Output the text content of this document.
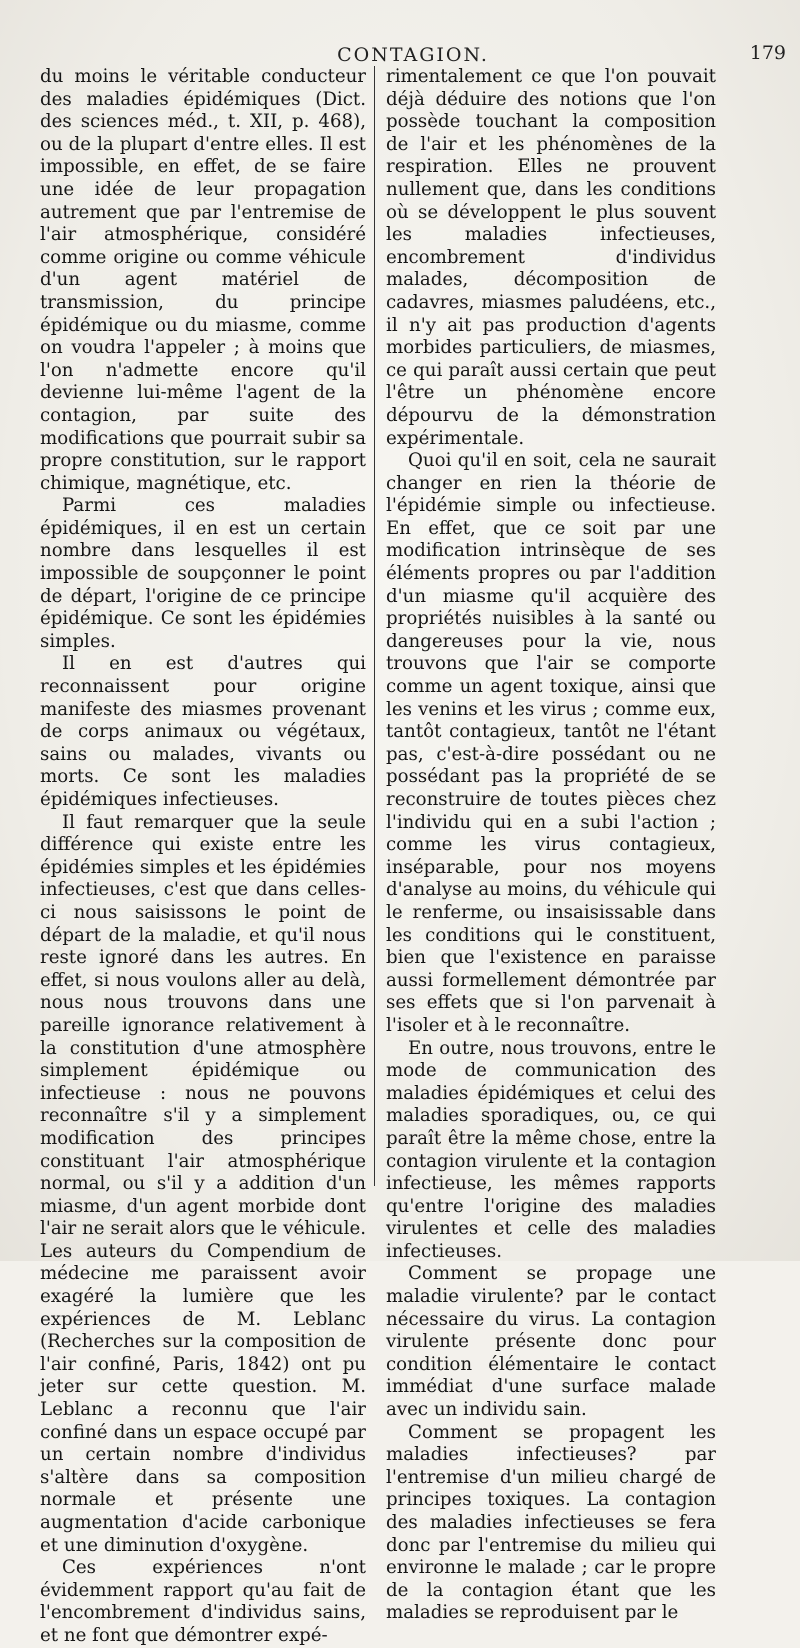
CONTAGION.	179

du moins le véritable conducteur des maladies épidémiques (Dict. des sciences méd., t. XII, p. 468), ou de la plupart d'entre elles. Il est impossible, en effet, de se faire une idée de leur propagation autrement que par l'entremise de l'air atmosphérique, considéré comme origine ou comme véhicule d'un agent matériel de transmission, du principe épidémique ou du miasme, comme on voudra l'appeler ; à moins que l'on n'admette encore qu'il devienne lui-même l'agent de la contagion, par suite des modifications que pourrait subir sa propre constitution, sur le rapport chimique, magnétique, etc.

Parmi ces maladies épidémiques, il en est un certain nombre dans lesquelles il est impossible de soupçonner le point de départ, l'origine de ce principe épidémique. Ce sont les épidémies simples.

Il en est d'autres qui reconnaissent pour origine manifeste des miasmes provenant de corps animaux ou végétaux, sains ou malades, vivants ou morts. Ce sont les maladies épidémiques infectieuses.

Il faut remarquer que la seule différence qui existe entre les épidémies simples et les épidémies infectieuses, c'est que dans celles-ci nous saisissons le point de départ de la maladie, et qu'il nous reste ignoré dans les autres. En effet, si nous voulons aller au delà, nous nous trouvons dans une pareille ignorance relativement à la constitution d'une atmosphère simplement épidémique ou infectieuse : nous ne pouvons reconnaître s'il y a simplement modification des principes constituant l'air atmosphérique normal, ou s'il y a addition d'un miasme, d'un agent morbide dont l'air ne serait alors que le véhicule. Les auteurs du Compendium de médecine me paraissent avoir exagéré la lumière que les expériences de M. Leblanc (Recherches sur la composition de l'air confiné, Paris, 1842) ont pu jeter sur cette question. M. Leblanc a reconnu que l'air confiné dans un espace occupé par un certain nombre d'individus s'altère dans sa composition normale et présente une augmentation d'acide carbonique et une diminution d'oxygène.

Ces expériences n'ont évidemment rapport qu'au fait de l'encombrement d'individus sains, et ne font que démontrer expé-

rimentalement ce que l'on pouvait déjà déduire des notions que l'on possède touchant la composition de l'air et les phénomènes de la respiration. Elles ne prouvent nullement que, dans les conditions où se développent le plus souvent les maladies infectieuses, encombrement d'individus malades, décomposition de cadavres, miasmes paludéens, etc., il n'y ait pas production d'agents morbides particuliers, de miasmes, ce qui paraît aussi certain que peut l'être un phénomène encore dépourvu de la démonstration expérimentale.

Quoi qu'il en soit, cela ne saurait changer en rien la théorie de l'épidémie simple ou infectieuse. En effet, que ce soit par une modification intrinsèque de ses éléments propres ou par l'addition d'un miasme qu'il acquière des propriétés nuisibles à la santé ou dangereuses pour la vie, nous trouvons que l'air se comporte comme un agent toxique, ainsi que les venins et les virus ; comme eux, tantôt contagieux, tantôt ne l'étant pas, c'est-à-dire possédant ou ne possédant pas la propriété de se reconstruire de toutes pièces chez l'individu qui en a subi l'action ; comme les virus contagieux, inséparable, pour nos moyens d'analyse au moins, du véhicule qui le renferme, ou insaisissable dans les conditions qui le constituent, bien que l'existence en paraisse aussi formellement démontrée par ses effets que si l'on parvenait à l'isoler et à le reconnaître.

En outre, nous trouvons, entre le mode de communication des maladies épidémiques et celui des maladies sporadiques, ou, ce qui paraît être la même chose, entre la contagion virulente et la contagion infectieuse, les mêmes rapports qu'entre l'origine des maladies virulentes et celle des maladies infectieuses.

Comment se propage une maladie virulente? par le contact nécessaire du virus. La contagion virulente présente donc pour condition élémentaire le contact immédiat d'une surface malade avec un individu sain.

Comment se propagent les maladies infectieuses? par l'entremise d'un milieu chargé de principes toxiques. La contagion des maladies infectieuses se fera donc par l'entremise du milieu qui environne le malade ; car le propre de la contagion étant que les maladies se reproduisent par le
